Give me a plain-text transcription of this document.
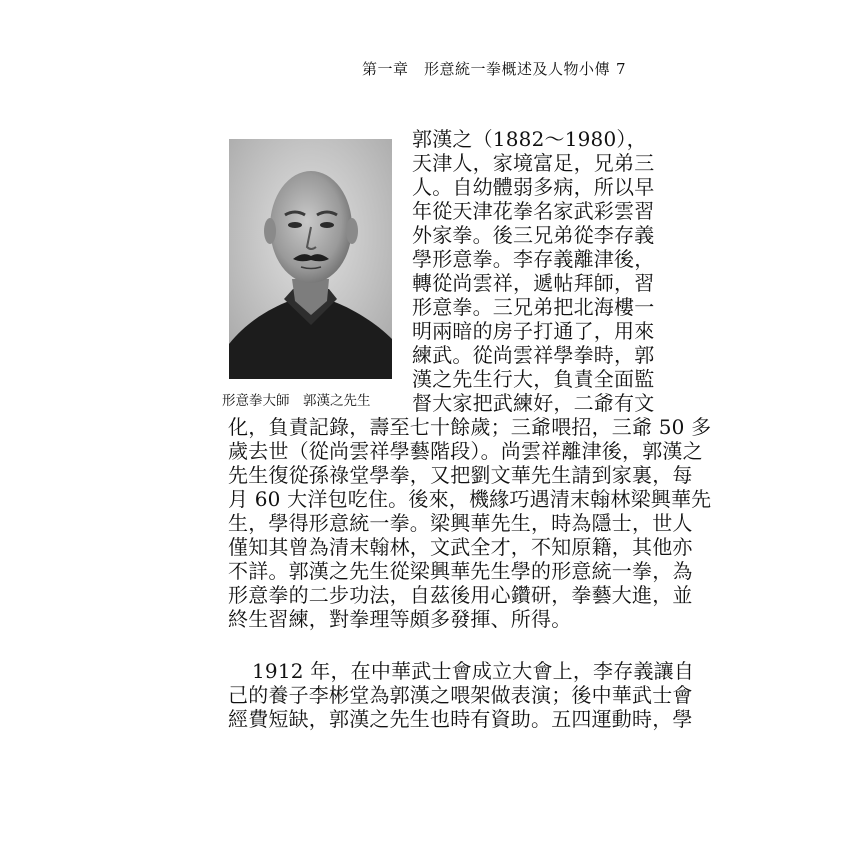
第一章　形意統一拳概述及人物小傳 7
形意拳大師　郭漢之先生
郭漢之（1882～1980），
天津人，家境富足，兄弟三
人。自幼體弱多病，所以早
年從天津花拳名家武彩雲習
外家拳。後三兄弟從李存義
學形意拳。李存義離津後，
轉從尚雲祥，遞帖拜師，習
形意拳。三兄弟把北海樓一
明兩暗的房子打通了，用來
練武。從尚雲祥學拳時，郭
漢之先生行大，負責全面監
督大家把武練好，二爺有文
化，負責記錄，壽至七十餘歲；三爺喂招，三爺 50 多
歲去世（從尚雲祥學藝階段）。尚雲祥離津後，郭漢之
先生復從孫祿堂學拳，又把劉文華先生請到家裏，每
月 60 大洋包吃住。後來，機緣巧遇清末翰林梁興華先
生，學得形意統一拳。梁興華先生，時為隱士，世人
僅知其曾為清末翰林，文武全才，不知原籍，其他亦
不詳。郭漢之先生從梁興華先生學的形意統一拳，為
形意拳的二步功法，自茲後用心鑽研，拳藝大進，並
終生習練，對拳理等頗多發揮、所得。
1912 年，在中華武士會成立大會上，李存義讓自
己的養子李彬堂為郭漢之喂架做表演；後中華武士會
經費短缺，郭漢之先生也時有資助。五四運動時，學
